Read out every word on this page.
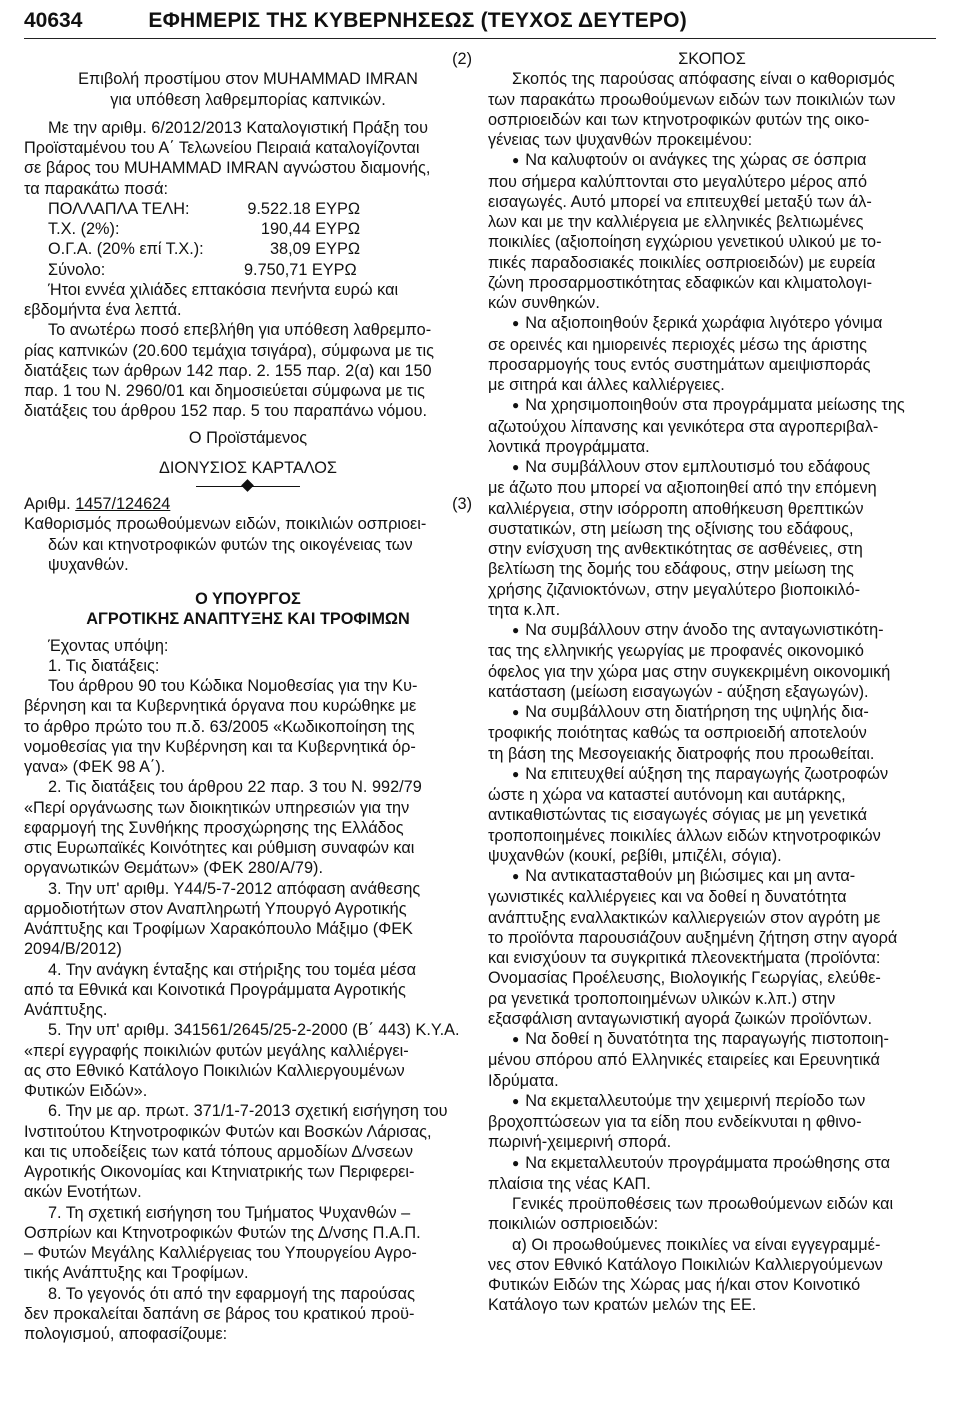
40634	ΕΦΗΜΕΡΙΣ ΤΗΣ ΚΥΒΕΡΝΗΣΕΩΣ (ΤΕΥΧΟΣ ΔΕΥΤΕΡΟ)

(2)

Επιβολή προστίμου στον MUHAMMAD IMRAN

για υπόθεση λαθρεμπορίας καπνικών.

Με την αριθμ. 6/2012/2013 Καταλογιστική Πράξη του

Προϊσταμένου του Α΄ Τελωνείου Πειραιά καταλογίζονται

σε βάρος του MUHAMMAD IMRAN αγνώστου διαμονής,

τα παρακάτω ποσά:

ΠΟΛΛΑΠΛΑ ΤΕΛΗ:	9.522.18 ΕΥΡΩ
Τ.Χ. (2%):	190,44 ΕΥΡΩ
Ο.Γ.Α. (20% επί Τ.Χ.):	38,09 ΕΥΡΩ
Σύνολο:	9.750,71 ΕΥΡΩ

Ήτοι εννέα χιλιάδες επτακόσια πενήντα ευρώ και

εβδομήντα ένα λεπτά.

Το ανωτέρω ποσό επεβλήθη για υπόθεση λαθρεμπο-

ρίας καπνικών (20.600 τεμάχια τσιγάρα), σύμφωνα με τις

διατάξεις των άρθρων 142 παρ. 2. 155 παρ. 2(α) και 150

παρ. 1 του Ν. 2960/01 και δημοσιεύεται σύμφωνα με τις

διατάξεις του άρθρου 152 παρ. 5 του παραπάνω νόμου.

Ο Προϊστάμενος

ΔΙΟΝΥΣΙΟΣ ΚΑΡΤΑΛΟΣ

Αριθμ. 1457/124624	(3)

Καθορισμός προωθούμενων ειδών, ποικιλιών οσπριοει-

δών και κτηνοτροφικών φυτών της οικογένειας των

ψυχανθών.

Ο ΥΠΟΥΡΓΟΣ

ΑΓΡΟΤΙΚΗΣ ΑΝΑΠΤΥΞΗΣ ΚΑΙ ΤΡΟΦΙΜΩΝ

Έχοντας υπόψη:

1. Τις διατάξεις:

Του άρθρου 90 του Κώδικα Νομοθεσίας για την Κυ-

βέρνηση και τα Κυβερνητικά όργανα που κυρώθηκε με

το άρθρο πρώτο του π.δ. 63/2005 «Κωδικοποίηση της

νομοθεσίας για την Κυβέρνηση και τα Κυβερνητικά όρ-

γανα» (ΦΕΚ 98 Α΄).

2. Τις διατάξεις του άρθρου 22 παρ. 3 του Ν. 992/79

«Περί οργάνωσης των διοικητικών υπηρεσιών για την

εφαρμογή της Συνθήκης προσχώρησης της Ελλάδος

στις Ευρωπαϊκές Κοινότητες και ρύθμιση συναφών και

οργανωτικών Θεμάτων» (ΦΕΚ 280/Α/79).

3. Την υπ' αριθμ. Υ44/5-7-2012 απόφαση ανάθεσης

αρμοδιοτήτων στον Αναπληρωτή Υπουργό Αγροτικής

Ανάπτυξης και Τροφίμων Χαρακόπουλο Μάξιμο (ΦΕΚ

2094/Β/2012)

4. Την ανάγκη ένταξης και στήριξης του τομέα μέσα

από τα Εθνικά και Κοινοτικά Προγράμματα Αγροτικής

Ανάπτυξης.

5. Την υπ' αριθμ. 341561/2645/25-2-2000 (Β΄ 443) Κ.Υ.Α.

«περί εγγραφής ποικιλιών φυτών μεγάλης καλλιέργει-

ας στο Εθνικό Κατάλογο Ποικιλιών Καλλιεργουμένων

Φυτικών Ειδών».

6. Την με αρ. πρωτ. 371/1-7-2013 σχετική εισήγηση του

Ινστιτούτου Κτηνοτροφικών Φυτών και Βοσκών Λάρισας,

και τις υποδείξεις των κατά τόπους αρμοδίων Δ/νσεων

Αγροτικής Οικονομίας και Κτηνιατρικής των Περιφερει-

ακών Ενοτήτων.

7. Τη σχετική εισήγηση του Τμήματος Ψυχανθών –

Οσπρίων και Κτηνοτροφικών Φυτών της Δ/νσης Π.Α.Π.

– Φυτών Μεγάλης Καλλιέργειας του Υπουργείου Αγρο-

τικής Ανάπτυξης και Τροφίμων.

8. Το γεγονός ότι από την εφαρμογή της παρούσας

δεν προκαλείται δαπάνη σε βάρος του κρατικού προϋ-

πολογισμού, αποφασίζουμε:

ΣΚΟΠΟΣ

Σκοπός της παρούσας απόφασης είναι ο καθορισμός

των παρακάτω προωθούμενων ειδών των ποικιλιών των

οσπριοειδών και των κτηνοτροφικών φυτών της οικο-

γένειας των ψυχανθών προκειμένου:

● Να καλυφτούν οι ανάγκες της χώρας σε όσπρια

που σήμερα καλύπτονται στο μεγαλύτερο μέρος από

εισαγωγές. Αυτό μπορεί να επιτευχθεί μεταξύ των άλ-

λων και με την καλλιέργεια με ελληνικές βελτιωμένες

ποικιλίες (αξιοποίηση εγχώριου γενετικού υλικού με το-

πικές παραδοσιακές ποικιλίες οσπριοειδών) με ευρεία

ζώνη προσαρμοστικότητας εδαφικών και κλιματολογι-

κών συνθηκών.

● Να αξιοποιηθούν ξερικά χωράφια λιγότερο γόνιμα

σε ορεινές και ημιορεινές περιοχές μέσω της άριστης

προσαρμογής τους εντός συστημάτων αμειψισποράς

με σιτηρά και άλλες καλλιέργειες.

● Να χρησιμοποιηθούν στα προγράμματα μείωσης της

αζωτούχου λίπανσης και γενικότερα στα αγροπεριβαλ-

λοντικά προγράμματα.

● Να συμβάλλουν στον εμπλουτισμό του εδάφους

με άζωτο που μπορεί να αξιοποιηθεί από την επόμενη

καλλιέργεια, στην ισόρροπη αποθήκευση θρεπτικών

συστατικών, στη μείωση της οξίνισης του εδάφους,

στην ενίσχυση της ανθεκτικότητας σε ασθένειες, στη

βελτίωση της δομής του εδάφους, στην μείωση της

χρήσης ζιζανιοκτόνων, στην μεγαλύτερο βιοποικιλό-

τητα κ.λπ.

● Να συμβάλλουν στην άνοδο της ανταγωνιστικότη-

τας της ελληνικής γεωργίας με προφανές οικονομικό

όφελος για την χώρα μας στην συγκεκριμένη οικονομική

κατάσταση (μείωση εισαγωγών - αύξηση εξαγωγών).

● Να συμβάλλουν στη διατήρηση της υψηλής δια-

τροφικής ποιότητας καθώς τα οσπριοειδή αποτελούν

τη βάση της Μεσογειακής διατροφής που προωθείται.

● Να επιτευχθεί αύξηση της παραγωγής ζωοτροφών

ώστε η χώρα να καταστεί αυτόνομη και αυτάρκης,

αντικαθιστώντας τις εισαγωγές σόγιας με μη γενετικά

τροποποιημένες ποικιλίες άλλων ειδών κτηνοτροφικών

ψυχανθών (κουκί, ρεβίθι, μπιζέλι, σόγια).

● Να αντικατασταθούν μη βιώσιμες και μη αντα-

γωνιστικές καλλιέργειες και να δοθεί η δυνατότητα

ανάπτυξης εναλλακτικών καλλιεργειών στον αγρότη με

το προϊόντα παρουσιάζουν αυξημένη ζήτηση στην αγορά

και ενισχύουν τα συγκριτικά πλεονεκτήματα (προϊόντα:

Ονομασίας Προέλευσης, Βιολογικής Γεωργίας, ελεύθε-

ρα γενετικά τροποποιημένων υλικών κ.λπ.) στην

εξασφάλιση ανταγωνιστική αγορά ζωικών προϊόντων.

● Να δοθεί η δυνατότητα της παραγωγής πιστοποιη-

μένου σπόρου από Ελληνικές εταιρείες και Ερευνητικά

Ιδρύματα.

● Να εκμεταλλευτούμε την χειμερινή περίοδο των

βροχοπτώσεων για τα είδη που ενδείκνυται η φθινο-

πωρινή-χειμερινή σπορά.

● Να εκμεταλλευτούν προγράμματα προώθησης στα

πλαίσια της νέας ΚΑΠ.

Γενικές προϋποθέσεις των προωθούμενων ειδών και

ποικιλιών οσπριοειδών:

α) Οι προωθούμενες ποικιλίες να είναι εγγεγραμμέ-

νες στον Εθνικό Κατάλογο Ποικιλιών Καλλιεργούμενων

Φυτικών Ειδών της Χώρας μας ή/και στον Κοινοτικό

Κατάλογο των κρατών μελών της ΕΕ.
